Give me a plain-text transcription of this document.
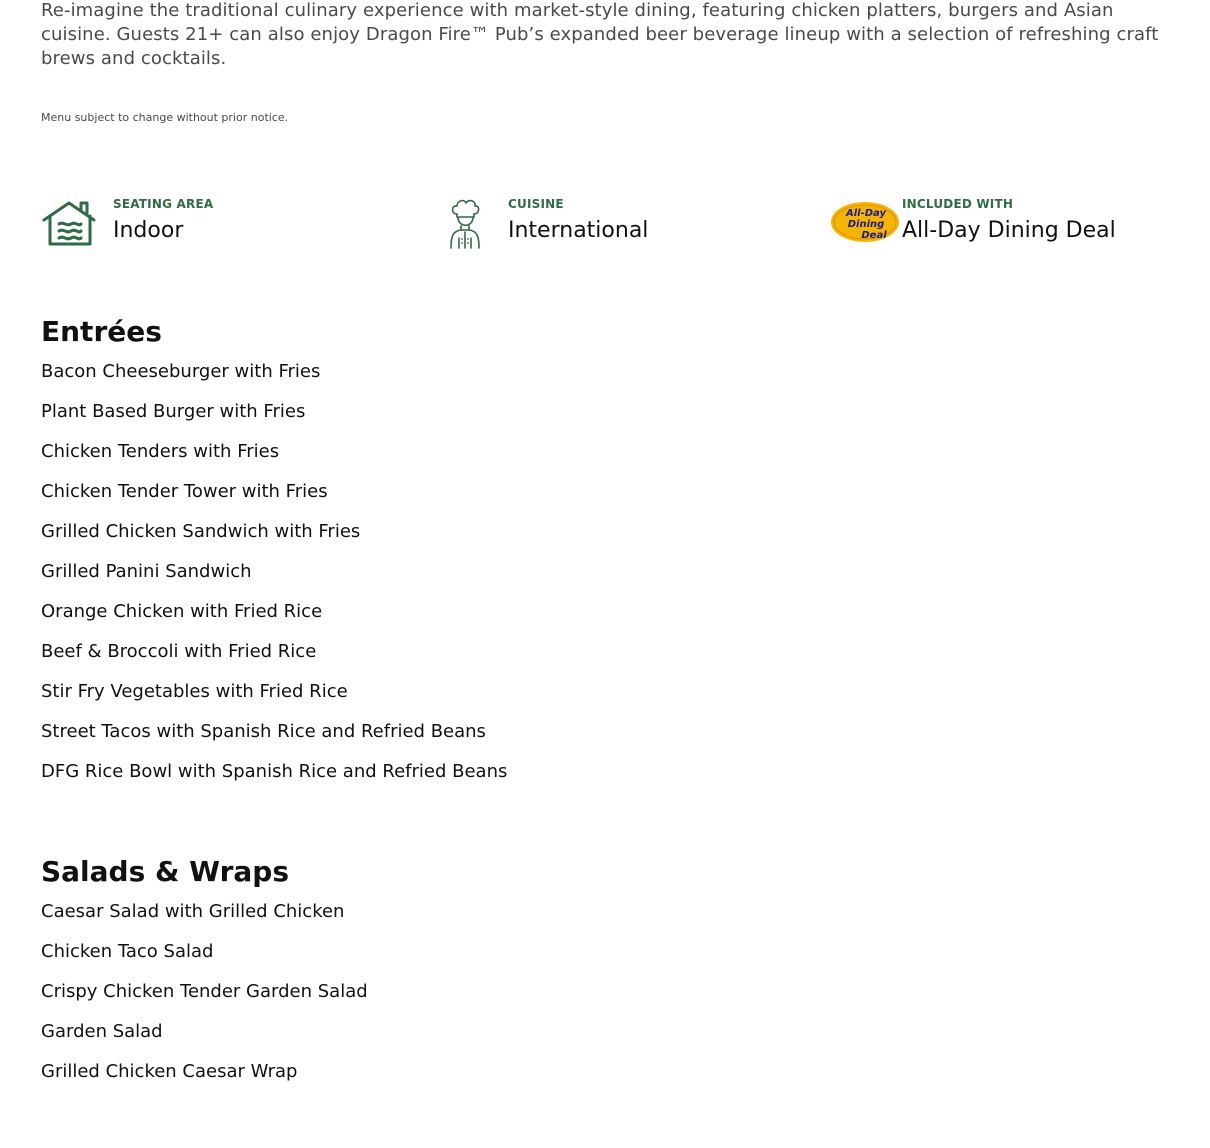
Re-imagine the traditional culinary experience with market-style dining, featuring chicken platters, burgers and Asian cuisine. Guests 21+ can also enjoy Dragon Fire™ Pub’s expanded beer beverage lineup with a selection of refreshing craft brews and cocktails.

Menu subject to change without prior notice.

SEATING AREA
Indoor
CUISINE
International
All-Day
Dining
Deal
INCLUDED WITH
All-Day Dining Deal
Entrées
Bacon Cheeseburger with Fries
Plant Based Burger with Fries
Chicken Tenders with Fries
Chicken Tender Tower with Fries
Grilled Chicken Sandwich with Fries
Grilled Panini Sandwich
Orange Chicken with Fried Rice
Beef & Broccoli with Fried Rice
Stir Fry Vegetables with Fried Rice
Street Tacos with Spanish Rice and Refried Beans
DFG Rice Bowl with Spanish Rice and Refried Beans
Salads & Wraps
Caesar Salad with Grilled Chicken
Chicken Taco Salad
Crispy Chicken Tender Garden Salad
Garden Salad
Grilled Chicken Caesar Wrap
